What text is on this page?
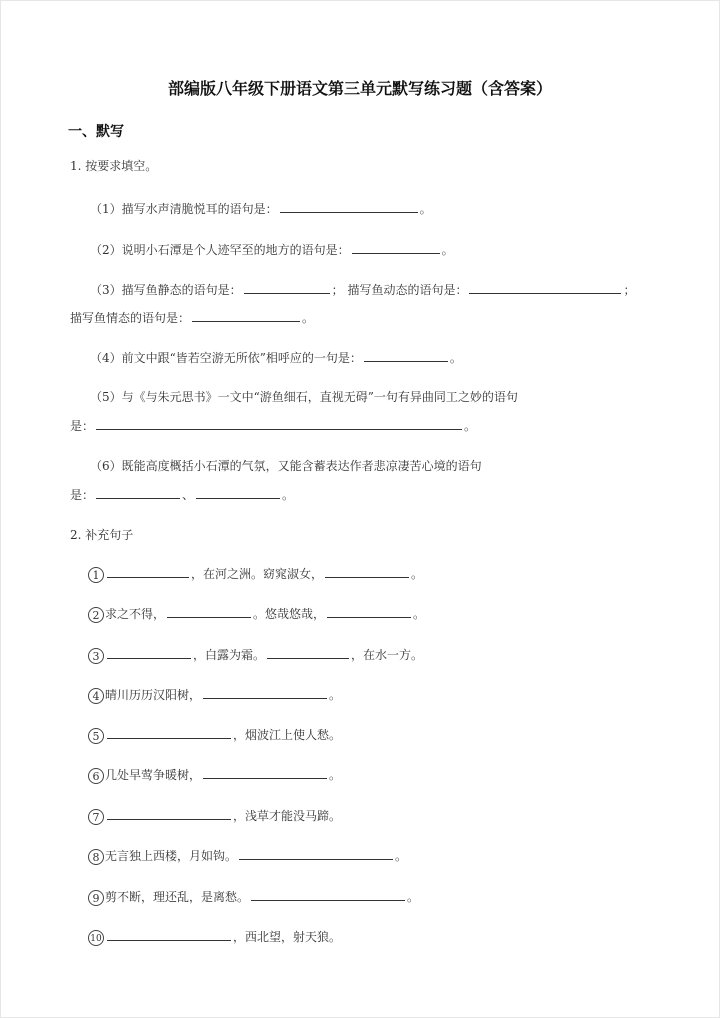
部编版八年级下册语文第三单元默写练习题（含答案）
一、默写
1. 按要求填空。
（1）描写水声清脆悦耳的语句是：	。
（2）说明小石潭是个人迹罕至的地方的语句是：	。
（3）描写鱼静态的语句是：	； 描写鱼动态的语句是：	；
描写鱼情态的语句是：	。
（4）前文中跟“皆若空游无所依”相呼应的一句是：	。
（5）与《与朱元思书》一文中“游鱼细石，直视无碍”一句有异曲同工之妙的语句
是：	。
（6）既能高度概括小石潭的气氛，又能含蓄表达作者悲凉凄苦心境的语句
是：	、	。
2. 补充句子
1	，在河之洲。窈窕淑女，	。
2 求之不得，	。悠哉悠哉，	。
3	，白露为霜。	，在水一方。
4 晴川历历汉阳树，	。
5	，烟波江上使人愁。
6 几处早莺争暖树，	。
7	，浅草才能没马蹄。
8 无言独上西楼，月如钩。	。
9 剪不断，理还乱，是离愁。	。
10	，西北望，射天狼。
